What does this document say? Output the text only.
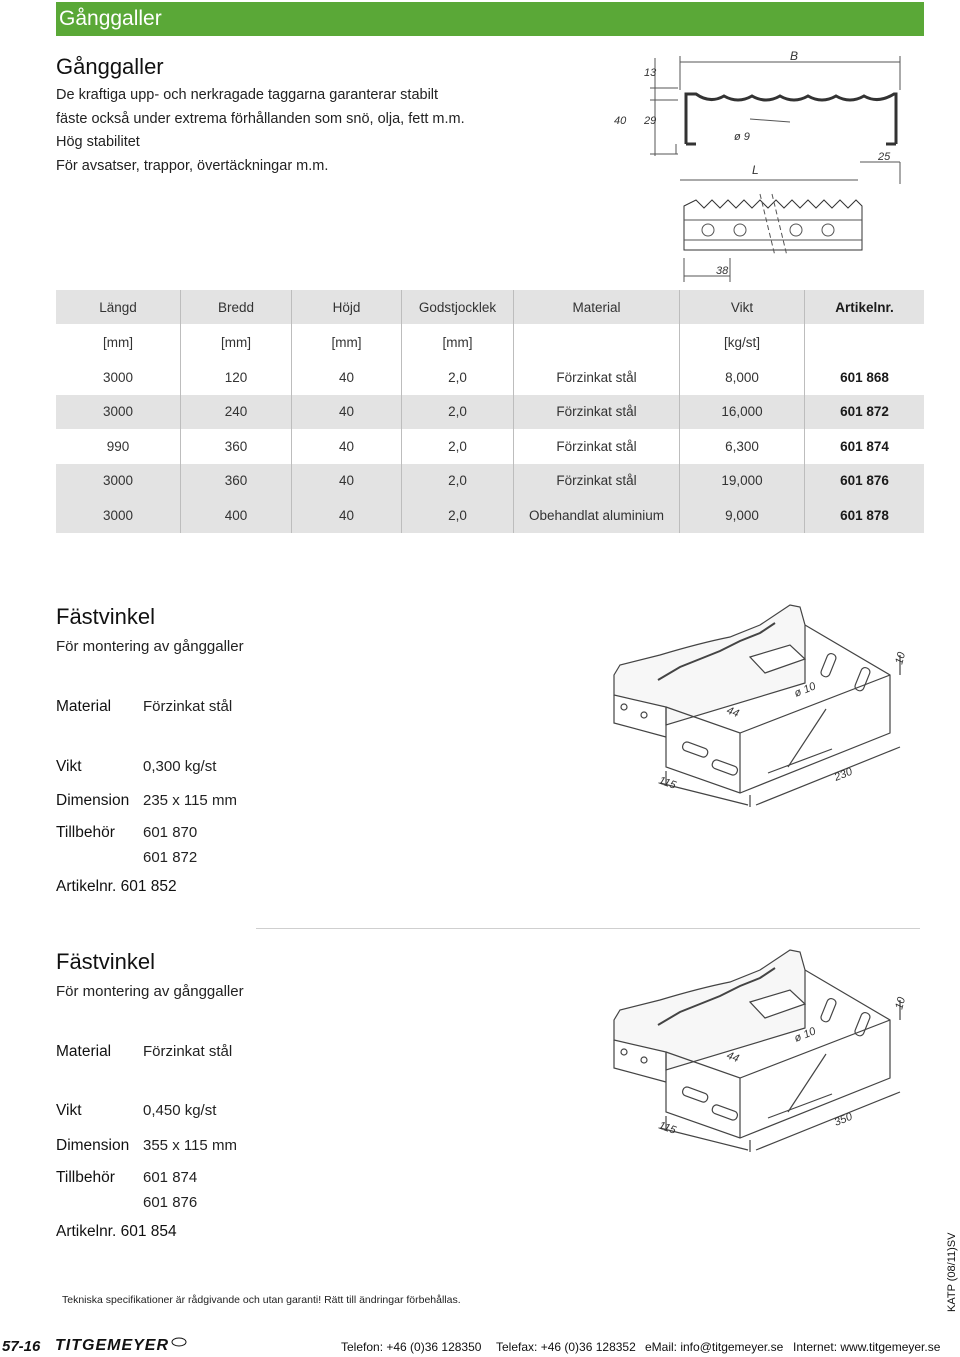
Gånggaller
Gånggaller
De kraftiga upp- och nerkragade taggarna garanterar stabilt
fäste också under extrema förhållanden som snö, olja, fett m.m.
Hög stabilitet
För avsatser, trappor, övertäckningar m.m.
B
13
29
40
ø 9
L
25
38
Längd	Bredd	Höjd	Godstjocklek	Material	Vikt	Artikelnr.
[mm]	[mm]	[mm]	[mm]		[kg/st]	
3000	120	40	2,0	Förzinkat stål	8,000	601 868
3000	240	40	2,0	Förzinkat stål	16,000	601 872
990	360	40	2,0	Förzinkat stål	6,300	601 874
3000	360	40	2,0	Förzinkat stål	19,000	601 876
3000	400	40	2,0	Obehandlat aluminium	9,000	601 878
Fästvinkel
För montering av gånggaller
Material Förzinkat stål
Vikt	0,300 kg/st
Dimension 235 x 115 mm
Tillbehör 601 870
601 872
Artikelnr. 601 852
ø 10
44
10
115	230
Fästvinkel
För montering av gånggaller
Material Förzinkat stål
Vikt	0,450 kg/st
Dimension 355 x 115 mm
Tillbehör 601 874
601 876
Artikelnr. 601 854
ø 10
44
10
115	350
Tekniska specifikationer är rådgivande och utan garanti! Rätt till ändringar förbehållas.	KATP (08/11)SV
57-16 TITGEMEYER	Telefon: +46 (0)36 128350 Telefax: +46 (0)36 128352 eMail: info@titgemeyer.se Internet: www.titgemeyer.se
